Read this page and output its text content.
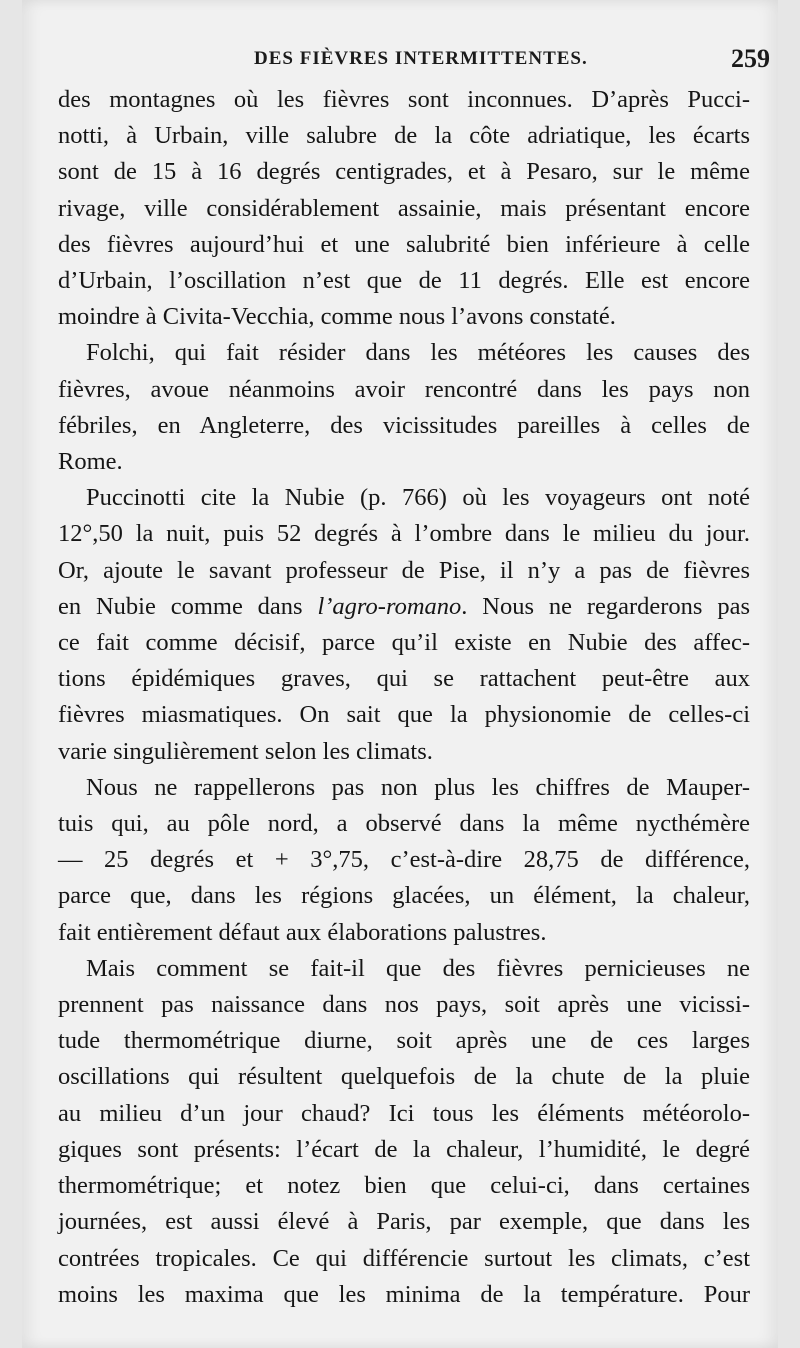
DES FIÈVRES INTERMITTENTES.	259
des montagnes où les fièvres sont inconnues. D’après Pucci-
notti, à Urbain, ville salubre de la côte adriatique, les écarts
sont de 15 à 16 degrés centigrades, et à Pesaro, sur le même
rivage, ville considérablement assainie, mais présentant encore
des fièvres aujourd’hui et une salubrité bien inférieure à celle
d’Urbain, l’oscillation n’est que de 11 degrés. Elle est encore
moindre à Civita-Vecchia, comme nous l’avons constaté.
Folchi, qui fait résider dans les météores les causes des
fièvres, avoue néanmoins avoir rencontré dans les pays non
fébriles, en Angleterre, des vicissitudes pareilles à celles de
Rome.
Puccinotti cite la Nubie (p. 766) où les voyageurs ont noté
12°,50 la nuit, puis 52 degrés à l’ombre dans le milieu du jour.
Or, ajoute le savant professeur de Pise, il n’y a pas de fièvres
en Nubie comme dans l’agro-romano. Nous ne regarderons pas
ce fait comme décisif, parce qu’il existe en Nubie des affec-
tions épidémiques graves, qui se rattachent peut-être aux
fièvres miasmatiques. On sait que la physionomie de celles-ci
varie singulièrement selon les climats.
Nous ne rappellerons pas non plus les chiffres de Mauper-
tuis qui, au pôle nord, a observé dans la même nycthémère
— 25 degrés et + 3°,75, c’est-à-dire 28,75 de différence,
parce que, dans les régions glacées, un élément, la chaleur,
fait entièrement défaut aux élaborations palustres.
Mais comment se fait-il que des fièvres pernicieuses ne
prennent pas naissance dans nos pays, soit après une vicissi-
tude thermométrique diurne, soit après une de ces larges
oscillations qui résultent quelquefois de la chute de la pluie
au milieu d’un jour chaud? Ici tous les éléments météorolo-
giques sont présents: l’écart de la chaleur, l’humidité, le degré
thermométrique; et notez bien que celui-ci, dans certaines
journées, est aussi élevé à Paris, par exemple, que dans les
contrées tropicales. Ce qui différencie surtout les climats, c’est
moins les maxima que les minima de la température. Pour
